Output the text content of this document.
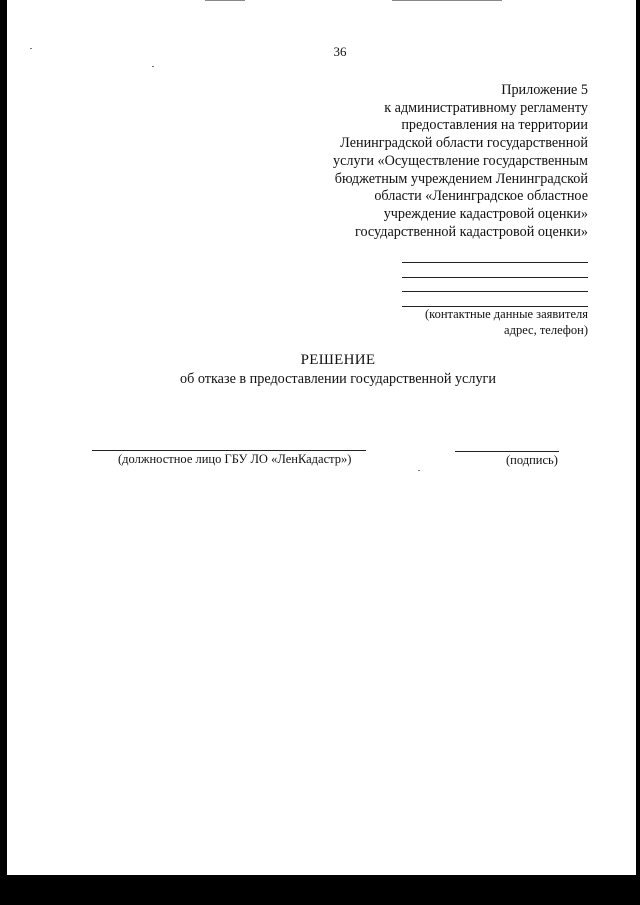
36
Приложение 5
к административному регламенту
предоставления на территории
Ленинградской области государственной
услуги «Осуществление государственным
бюджетным учреждением Ленинградской
области «Ленинградское областное
учреждение кадастровой оценки»
государственной кадастровой оценки»
(контактные данные заявителя
адрес, телефон)
РЕШЕНИЕ
об отказе в предоставлении государственной услуги
(должностное лицо ГБУ ЛО «ЛенКадастр»)	(подпись)
